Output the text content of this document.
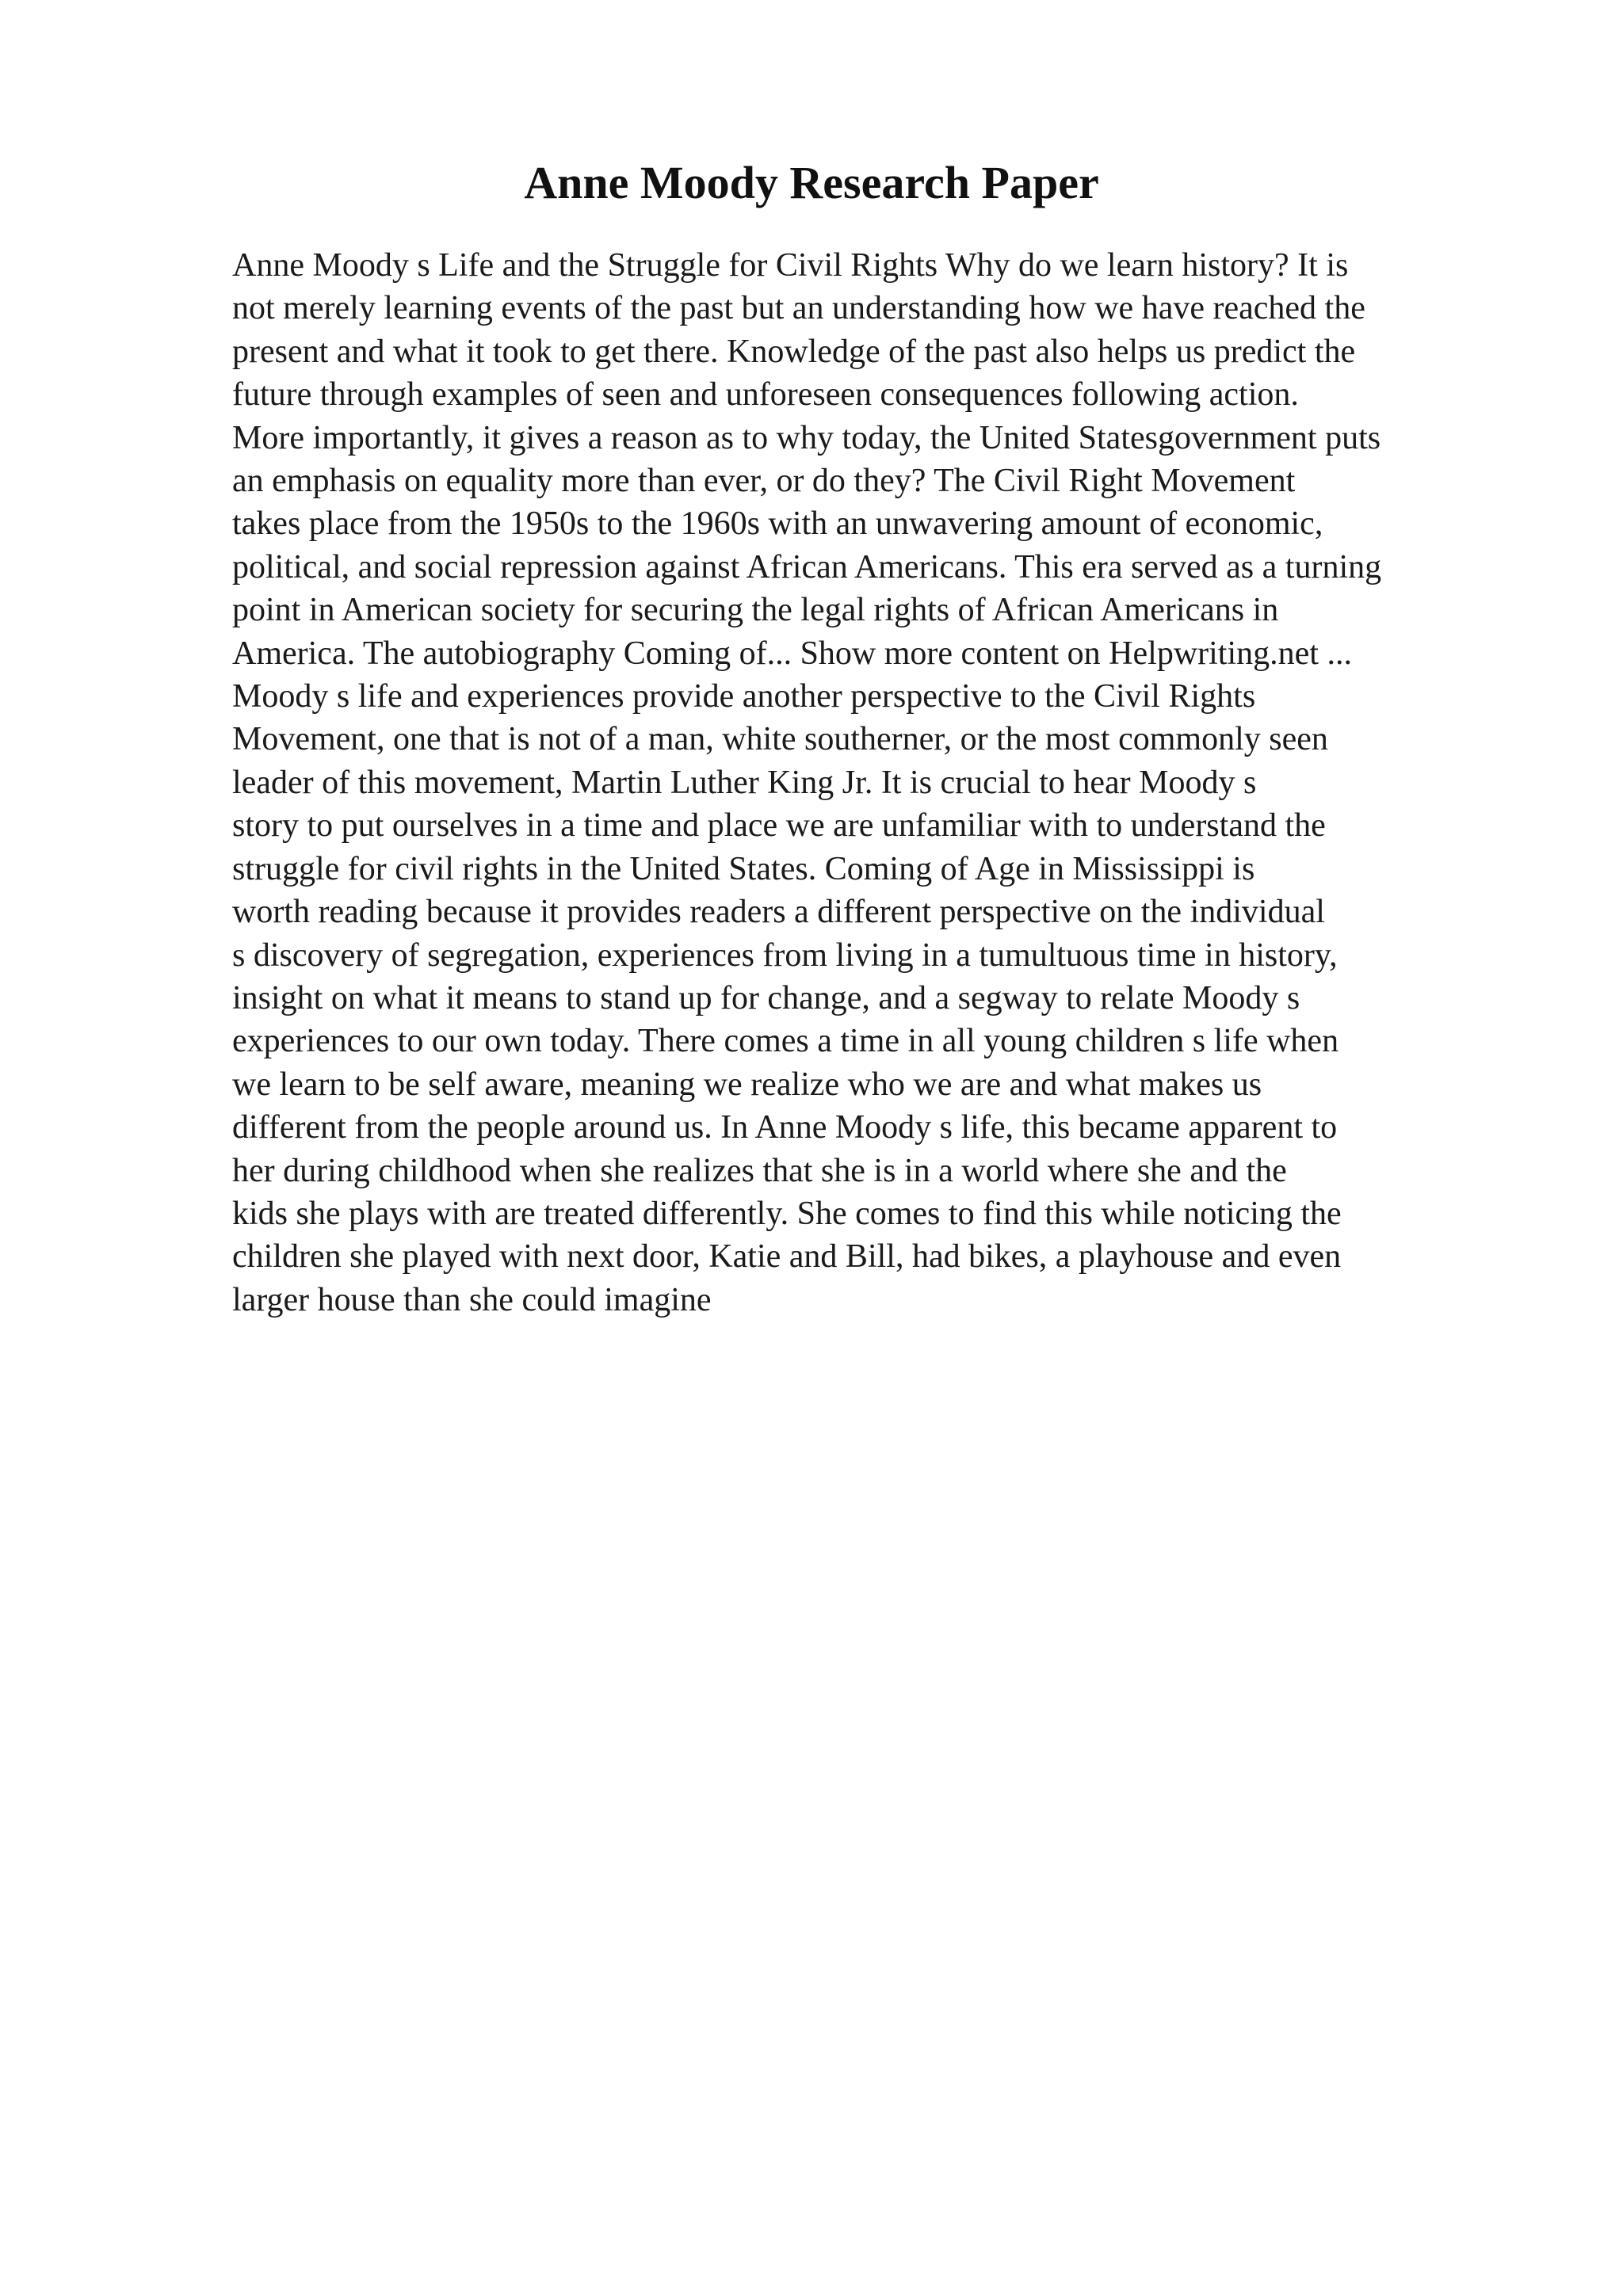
Anne Moody Research Paper
Anne Moody s Life and the Struggle for Civil Rights Why do we learn history? It is
not merely learning events of the past but an understanding how we have reached the
present and what it took to get there. Knowledge of the past also helps us predict the
future through examples of seen and unforeseen consequences following action.
More importantly, it gives a reason as to why today, the United Statesgovernment puts
an emphasis on equality more than ever, or do they? The Civil Right Movement
takes place from the 1950s to the 1960s with an unwavering amount of economic,
political, and social repression against African Americans. This era served as a turning
point in American society for securing the legal rights of African Americans in
America. The autobiography Coming of... Show more content on Helpwriting.net ...
Moody s life and experiences provide another perspective to the Civil Rights
Movement, one that is not of a man, white southerner, or the most commonly seen
leader of this movement, Martin Luther King Jr. It is crucial to hear Moody s
story to put ourselves in a time and place we are unfamiliar with to understand the
struggle for civil rights in the United States. Coming of Age in Mississippi is
worth reading because it provides readers a different perspective on the individual
s discovery of segregation, experiences from living in a tumultuous time in history,
insight on what it means to stand up for change, and a segway to relate Moody s
experiences to our own today. There comes a time in all young children s life when
we learn to be self aware, meaning we realize who we are and what makes us
different from the people around us. In Anne Moody s life, this became apparent to
her during childhood when she realizes that she is in a world where she and the
kids she plays with are treated differently. She comes to find this while noticing the
children she played with next door, Katie and Bill, had bikes, a playhouse and even
larger house than she could imagine
